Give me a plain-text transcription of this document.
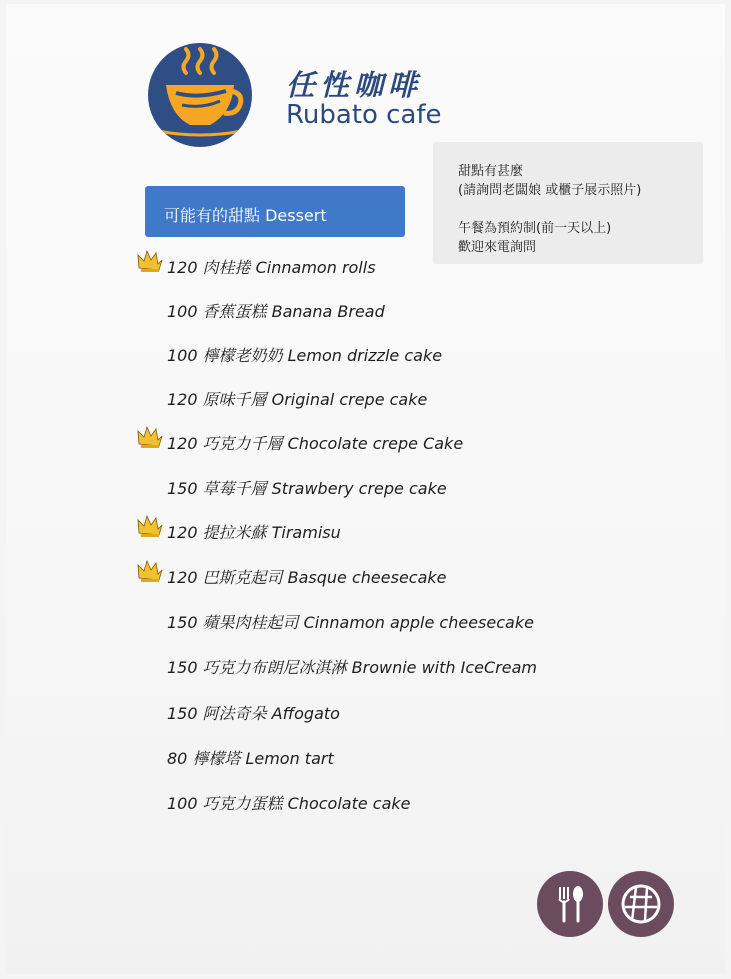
任性咖啡
Rubato cafe
甜點有甚麼
(請詢問老闆娘 或櫃子展示照片)
午餐為預約制(前一天以上)
歡迎來電詢問
可能有的甜點 Dessert
120 肉桂捲 Cinnamon rolls
100 香蕉蛋糕 Banana Bread
100 檸檬老奶奶 Lemon drizzle cake
120 原味千層 Original crepe cake
120 巧克力千層 Chocolate crepe Cake
150 草莓千層 Strawbery crepe cake
120 提拉米蘇 Tiramisu
120 巴斯克起司 Basque cheesecake
150 蘋果肉桂起司 Cinnamon apple cheesecake
150 巧克力布朗尼冰淇淋 Brownie with IceCream
150 阿法奇朵 Affogato
80 檸檬塔 Lemon tart
100 巧克力蛋糕 Chocolate cake
